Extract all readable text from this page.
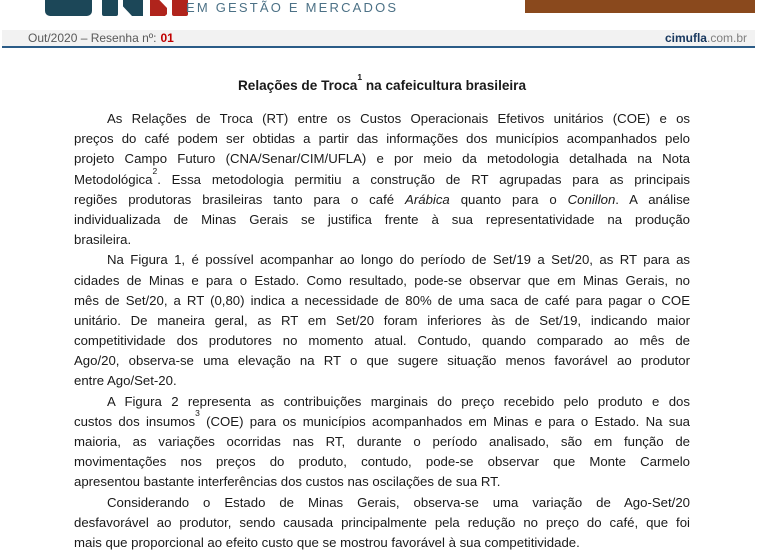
EM GESTÃO E MERCADOS
Out/2020 – Resenha nº: 01	cimufla.com.br
Relações de Troca$^1$ na cafeicultura brasileira
As Relações de Troca (RT) entre os Custos Operacionais Efetivos unitários (COE) e os
preços do café podem ser obtidas a partir das informações dos municípios acompanhados pelo
projeto Campo Futuro (CNA/Senar/CIM/UFLA) e por meio da metodologia detalhada na Nota
Metodológica$^2$. Essa metodologia permitiu a construção de RT agrupadas para as principais
regiões produtoras brasileiras tanto para o café Arábica quanto para o Conillon. A análise
individualizada de Minas Gerais se justifica frente à sua representatividade na produção
brasileira.
Na Figura 1, é possível acompanhar ao longo do período de Set/19 a Set/20, as RT para as
cidades de Minas e para o Estado. Como resultado, pode-se observar que em Minas Gerais, no
mês de Set/20, a RT (0,80) indica a necessidade de 80% de uma saca de café para pagar o COE
unitário. De maneira geral, as RT em Set/20 foram inferiores às de Set/19, indicando maior
competitividade dos produtores no momento atual. Contudo, quando comparado ao mês de
Ago/20, observa-se uma elevação na RT o que sugere situação menos favorável ao produtor
entre Ago/Set-20.
A Figura 2 representa as contribuições marginais do preço recebido pelo produto e dos
custos dos insumos$^3$ (COE) para os municípios acompanhados em Minas e para o Estado. Na sua
maioria, as variações ocorridas nas RT, durante o período analisado, são em função de
movimentações nos preços do produto, contudo, pode-se observar que Monte Carmelo
apresentou bastante interferências dos custos nas oscilações de sua RT.
Considerando o Estado de Minas Gerais, observa-se uma variação de Ago-Set/20
desfavorável ao produtor, sendo causada principalmente pela redução no preço do café, que foi
mais que proporcional ao efeito custo que se mostrou favorável à sua competitividade.
